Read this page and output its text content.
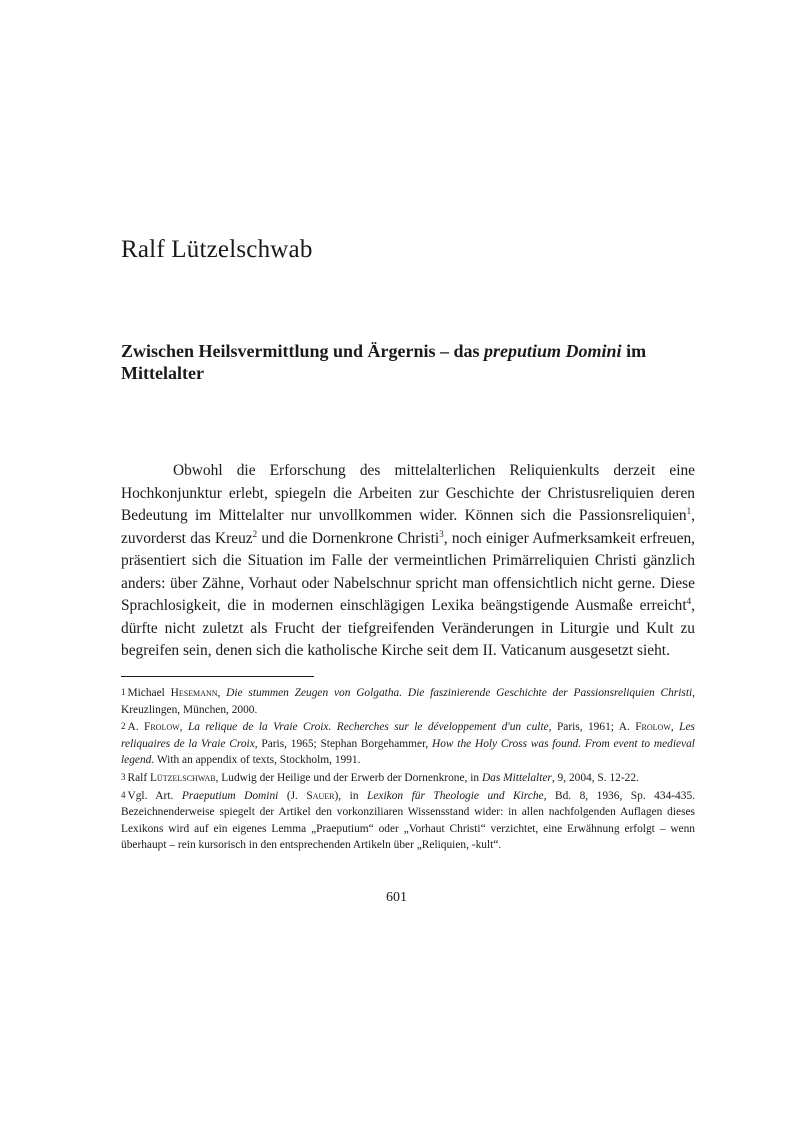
Ralf Lützelschwab
Zwischen Heilsvermittlung und Ärgernis – das preputium Domini im Mittelalter

Obwohl die Erforschung des mittelalterlichen Reliquienkults derzeit eine Hochkonjunktur erlebt, spiegeln die Arbeiten zur Geschichte der Christusreliquien deren Bedeutung im Mittelalter nur unvollkommen wider. Können sich die Passionsreliquien$^1$, zuvorderst das Kreuz$^2$ und die Dornenkrone Christi$^3$, noch einiger Aufmerksamkeit erfreuen, präsentiert sich die Situation im Falle der vermeintlichen Primärreliquien Christi gänzlich anders: über Zähne, Vorhaut oder Nabelschnur spricht man offensichtlich nicht gerne. Diese Sprachlosigkeit, die in modernen einschlägigen Lexika beängstigende Ausmaße erreicht$^4$, dürfte nicht zuletzt als Frucht der tiefgreifenden Veränderungen in Liturgie und Kult zu begreifen sein, denen sich die katholische Kirche seit dem II. Vaticanum ausgesetzt sieht.

1 Michael Hesemann, Die stummen Zeugen von Golgatha. Die faszinierende Geschichte der Passionsreliquien Christi, Kreuzlingen, München, 2000.

2 A. Frolow, La relique de la Vraie Croix. Recherches sur le développement d'un culte, Paris, 1961; A. Frolow, Les reliquaires de la Vraie Croix, Paris, 1965; Stephan Borgehammer, How the Holy Cross was found. From event to medieval legend. With an appendix of texts, Stockholm, 1991.

3 Ralf Lützelschwab, Ludwig der Heilige und der Erwerb der Dornenkrone, in Das Mittelalter, 9, 2004, S. 12-22.

4 Vgl. Art. Praeputium Domini (J. Sauer), in Lexikon für Theologie und Kirche, Bd. 8, 1936, Sp. 434-435. Bezeichnenderweise spiegelt der Artikel den vorkonziliaren Wissensstand wider: in allen nachfolgenden Auflagen dieses Lexikons wird auf ein eigenes Lemma „Praeputium“ oder „Vorhaut Christi“ verzichtet, eine Erwähnung erfolgt – wenn überhaupt – rein kursorisch in den entsprechenden Artikeln über „Reliquien, -kult“.

601
